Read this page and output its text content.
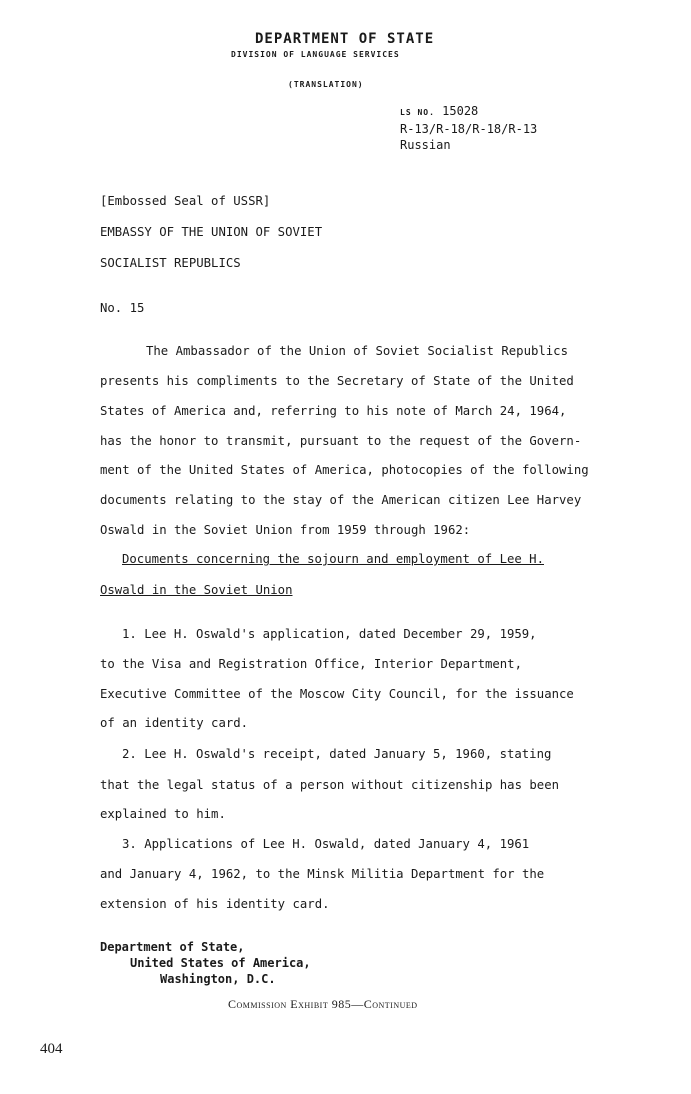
DEPARTMENT OF STATE
DIVISION OF LANGUAGE SERVICES
(TRANSLATION)
LS NO. 15028
R-13/R-18/R-18/R-13
Russian
[Embossed Seal of USSR]
EMBASSY OF THE UNION OF SOVIET
SOCIALIST REPUBLICS
No. 15
The Ambassador of the Union of Soviet Socialist Republics
presents his compliments to the Secretary of State of the United
States of America and, referring to his note of March 24, 1964,
has the honor to transmit, pursuant to the request of the Govern-
ment of the United States of America, photocopies of the following
documents relating to the stay of the American citizen Lee Harvey
Oswald in the Soviet Union from 1959 through 1962:
Documents concerning the sojourn and employment of Lee H.
Oswald in the Soviet Union
1. Lee H. Oswald's application, dated December 29, 1959,
to the Visa and Registration Office, Interior Department,
Executive Committee of the Moscow City Council, for the issuance
of an identity card.
2. Lee H. Oswald's receipt, dated January 5, 1960, stating
that the legal status of a person without citizenship has been
explained to him.
3. Applications of Lee H. Oswald, dated January 4, 1961
and January 4, 1962, to the Minsk Militia Department for the
extension of his identity card.
Department of State,
United States of America,
Washington, D.C.
Commission Exhibit 985—Continued
404
